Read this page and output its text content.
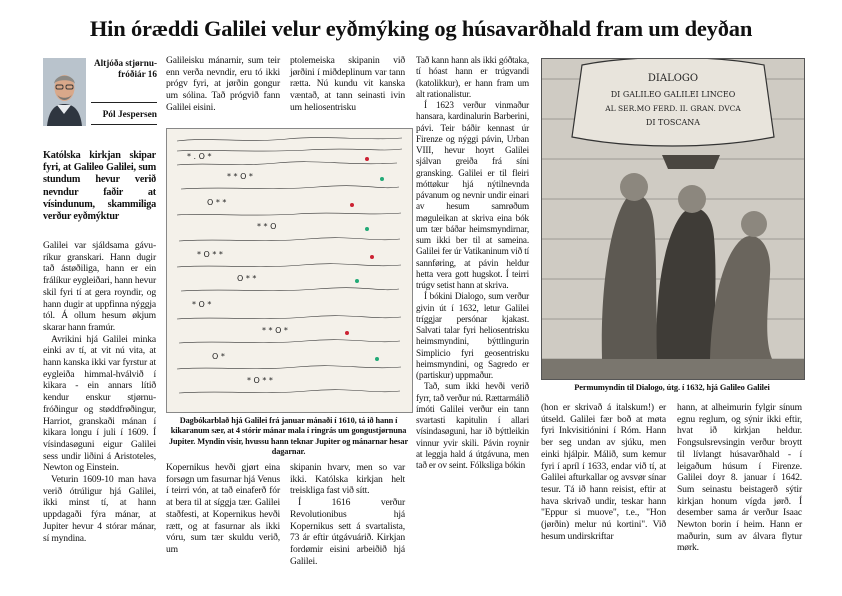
Hin óræddi Galilei velur eyðmýking og húsavarðhald fram um deyðan
Altjóða stjørnu-fróðiár 16
Pól Jespersen
Katólska kirkjan skipar fyri, at Galileo Galilei, sum stundum hevur verið nevndur faðir at vísindunum, skammiliga verður eyðmýktur

Galilei var sjáldsama gávu-ríkur granskari. Hann dugir tað ástøðiliga, hann er ein frálíkur eygleiðari, hann hevur skil fyri tí at gera royndir, og hann dugir at uppfinna nýggja tól. Á ollum hesum økjum skarar hann framúr.

Avrikini hjá Galilei minka einki av tí, at vit nú vita, at hann kanska ikki var fyrstur at eygleiða himmal-hválvið í kikara - ein annars lítið kendur enskur stjørnu-fróðingur og støddfrøðingur, Harriot, granskaði mánan í kikara longu í juli í 1609. Í vísindasøguni eigur Galilei sess undir liðini á Aristoteles, Newton og Einstein.

Veturin 1609-10 man hava verið ótrúligur hjá Galilei, ikki minst tí, at hann uppdagaði fýra mánar, at Jupiter hevur 4 stórar mánar, sí myndina.

Galileisku mánarnir, sum teir enn verða nevndir, eru tó ikki prógv fyri, at jørðin gongur um sólina. Tað prógvið fann Galilei eisini.

ptolemeiska skipanin við jørðini í miðdeplinum var tann rætta. Nú kundu vit kanska væntað, at tann seinasti ivin um heliosentrisku

* . O *
* * O *
O * *
* * O
* O * *
O * *
* O *
* * O *
O *
* O * *
Dagbókarblað hjá Galilei frá januar mánaði í 1610, tá ið hann í kikaranum sær, at 4 stórir mánar mala í ringrás um gongustjørnuna Jupiter. Myndin vísir, hvussu hann teknar Jupiter og mánarnar hesar dagarnar.

Kopernikus hevði gjørt eina forsøgn um fasurnar hjá Venus í teirri vón, at tað einaferð fór at bera til at síggja tær. Galilei staðfesti, at Kopernikus hevði rætt, og at fasurnar als ikki vóru, sum tær skuldu verið, um

skipanin hvarv, men so var ikki. Katólska kirkjan helt treiskliga fast við sítt.

Í 1616 verður Revolutionibus hjá Kopernikus sett á svartalista, 73 ár eftir útgávuárið. Kirkjan fordømir eisini arbeiðið hjá Galilei.

Tað kann hann als ikki góðtaka, tí hóast hann er trúgvandi (katolikkur), er hann fram um alt rationalistur.

Í 1623 verður vinmaður hansara, kardinalurin Barberini, pávi. Teir báðir kennast úr Firenze og nýggi pávin, Urban VIII, hevur hoyrt Galilei sjálvan greiða frá síni gransking. Galilei er til fleiri móttøkur hjá nýtilnevnda pávanum og nevnir undir einari av hesum samrøðum møguleikan at skriva eina bók um tær báðar heimsmyndirnar, sum ikki ber til at sameina. Galilei fer úr Vatikaninum við tí sannføring, at pávin heldur hetta vera gott hugskot. Í teirri trúgv setist hann at skriva.

Í bókini Dialogo, sum verður givin út í 1632, letur Galilei tríggjar persónar kjakast. Salvati talar fyri heliosentrisku heimsmyndini, býttlingurin Simplicio fyri geosentrisku heimsmyndini, og Sagredo er (partiskur) uppmaður.

Tað, sum ikki hevði verið fyrr, tað verður nú. Rættarmálið ímóti Galilei verður ein tann svartasti kapitulin í allari vísindasøguni, har ið býttleikin vinnur yvir skili. Pávin roynir at leggja hald á útgávuna, men tað er ov seint. Fólksliga bókin

DIALOGO
DI GALILEO GALILEI LINCEO
AL SER.MO FERD. II. GRAN. DVCA
DI TOSCANA
Permumyndin til Dialogo, útg. í 1632, hjá Galileo Galilei

(hon er skrivað á italskum!) er útseld. Galilei fær boð at møta fyri Inkvisitiónini í Róm. Hann ber seg undan av sjúku, men einki hjálpir. Málið, sum kemur fyri í apríl í 1633, endar við tí, at Galilei afturkallar og avsvør sínar tesur. Tá ið hann reisist, eftir at hava skrivað undir, teskar hann "Eppur si muove", t.e., "Hon (jørðin) melur nú kortini". Við hesum undirskriftar

hann, at alheimurin fylgir sínum egnu reglum, og sýnir ikki eftir, hvat ið kirkjan heldur. Fongsulsrevsingin verður broytt til lívlangt húsavarðhald - í leigaðum húsum í Firenze. Galilei doyr 8. januar í 1642. Sum seinastu beistagerð sýtir kirkjan honum vígda jørð. Í desember sama ár verður Isaac Newton borin í heim. Hann er maðurin, sum av álvara flytur mørk.
